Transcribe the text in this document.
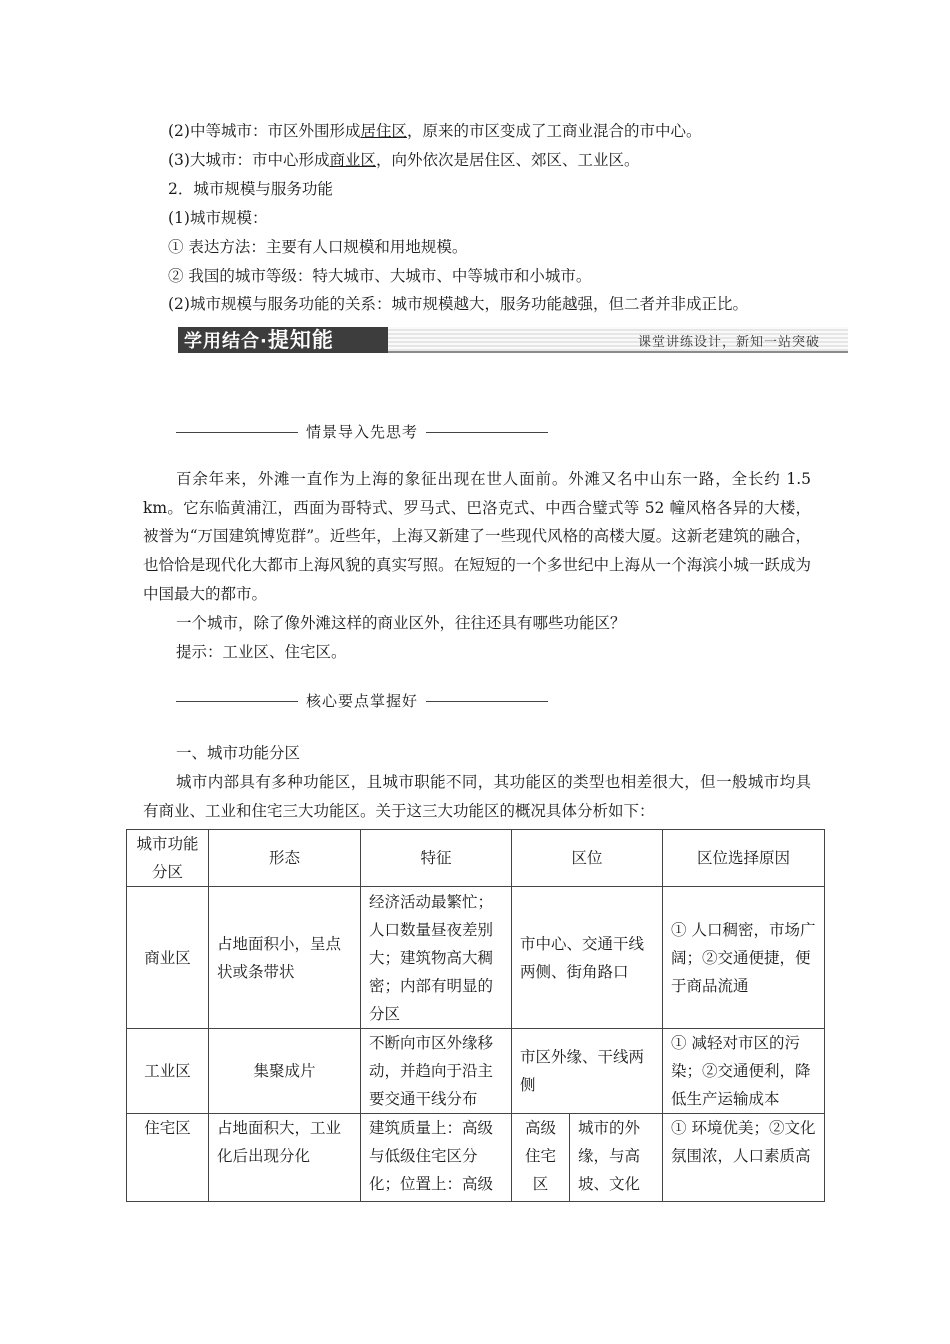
(2)中等城市：市区外围形成居住区，原来的市区变成了工商业混合的市中心。
(3)大城市：市中心形成商业区，向外依次是居住区、郊区、工业区。
2．城市规模与服务功能
(1)城市规模：
① 表达方法：主要有人口规模和用地规模。
② 我国的城市等级：特大城市、大城市、中等城市和小城市。
(2)城市规模与服务功能的关系：城市规模越大，服务功能越强，但二者并非成正比。
学用结合·提知能	课堂讲练设计，新知一站突破
情景导入先思考

百余年来，外滩一直作为上海的象征出现在世人面前。外滩又名中山东一路，全长约 1.5 km。它东临黄浦江，西面为哥特式、罗马式、巴洛克式、中西合璧式等 52 幢风格各异的大楼，被誉为“万国建筑博览群”。近些年，上海又新建了一些现代风格的高楼大厦。这新老建筑的融合，也恰恰是现代化大都市上海风貌的真实写照。在短短的一个多世纪中上海从一个海滨小城一跃成为中国最大的都市。

一个城市，除了像外滩这样的商业区外，往往还具有哪些功能区？
提示：工业区、住宅区。
核心要点掌握好
一、城市功能分区

城市内部具有多种功能区，且城市职能不同，其功能区的类型也相差很大，但一般城市均具有商业、工业和住宅三大功能区。关于这三大功能区的概况具体分析如下：

城市功能分区	形态	特征	区位		区位选择原因
商业区	占地面积小，呈点状或条带状	经济活动最繁忙；人口数量昼夜差别大；建筑物高大稠密；内部有明显的分区	市中心、交通干线两侧、街角路口		① 人口稠密，市场广阔；②交通便捷，便于商品流通
工业区	集聚成片	不断向市区外缘移动，并趋向于沿主要交通干线分布	市区外缘、干线两侧		① 减轻对市区的污染；②交通便利，降低生产运输成本
住宅区	占地面积大，工业化后出现分化	建筑质量上：高级与低级住宅区分化；位置上：高级	高级住宅区	城市的外缘，与高坡、文化	① 环境优美；②文化氛围浓，人口素质高
